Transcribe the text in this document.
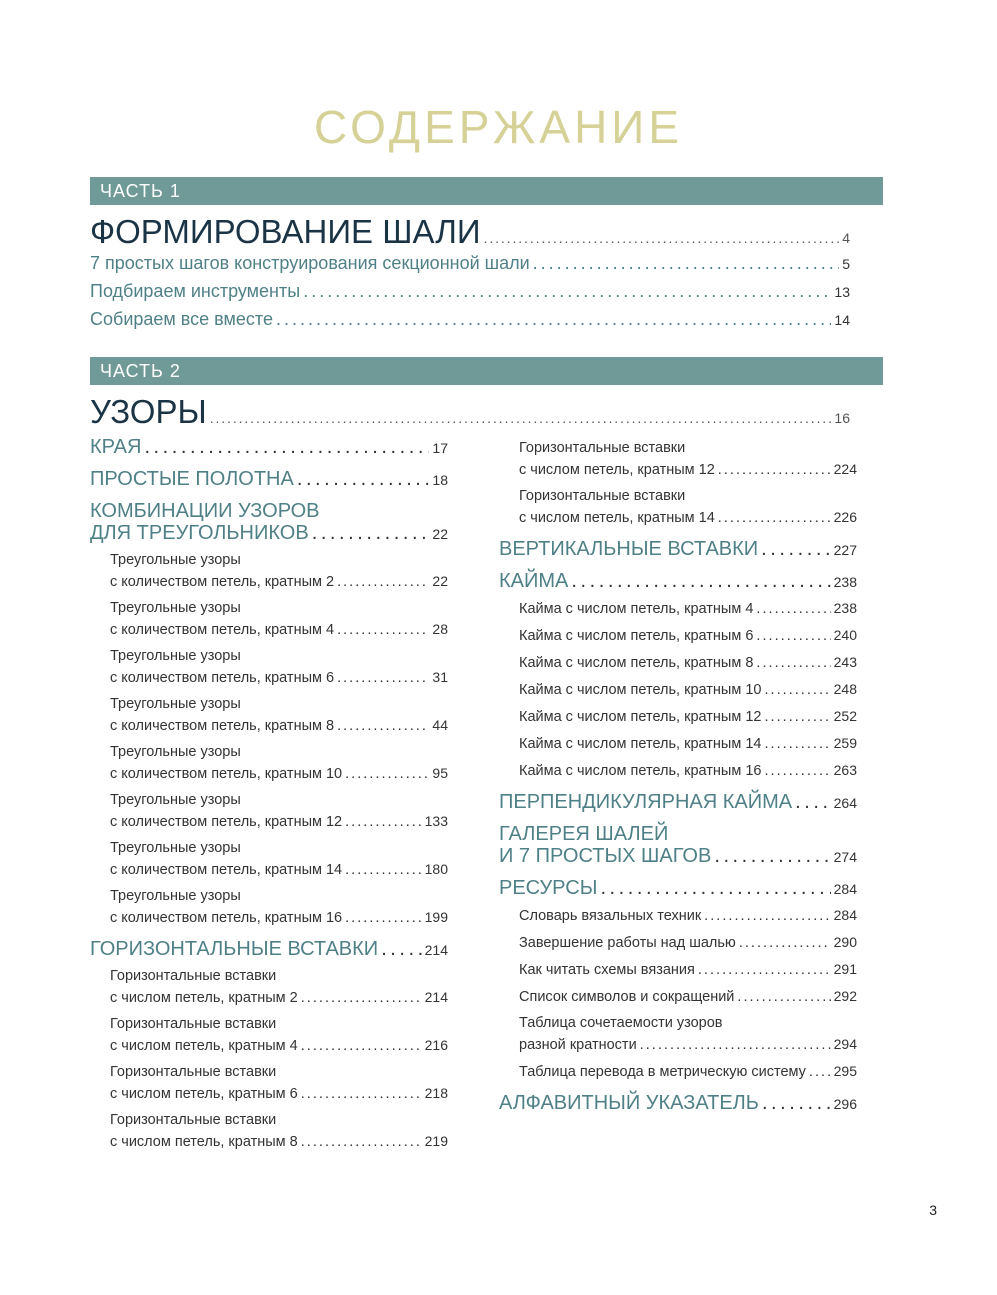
СОДЕРЖАНИЕ
ЧАСТЬ 1
ФОРМИРОВАНИЕ ШАЛИ . . .	4
7 простых шагов конструирования секционной шали . . .	5
Подбираем инструменты . . .	13
Собираем все вместе . . .	14
ЧАСТЬ 2
УЗОРЫ . . .	16
КРАЯ . . .	17
ПРОСТЫЕ ПОЛОТНА . . .	18
КОМБИНАЦИИ УЗОРОВ
ДЛЯ ТРЕУГОЛЬНИКОВ . . .	22
Треугольные узоры
с количеством петель, кратным 2 . . .	22
Треугольные узоры
с количеством петель, кратным 4 . . .	28
Треугольные узоры
с количеством петель, кратным 6 . . .	31
Треугольные узоры
с количеством петель, кратным 8 . . .	44
Треугольные узоры
с количеством петель, кратным 10 . . .	95
Треугольные узоры
с количеством петель, кратным 12 . . .	133
Треугольные узоры
с количеством петель, кратным 14 . . .	180
Треугольные узоры
с количеством петель, кратным 16 . . .	199
ГОРИЗОНТАЛЬНЫЕ ВСТАВКИ . . .	214
Горизонтальные вставки
с числом петель, кратным 2 . . .	214
Горизонтальные вставки
с числом петель, кратным 4 . . .	216
Горизонтальные вставки
с числом петель, кратным 6 . . .	218
Горизонтальные вставки
с числом петель, кратным 8 . . .	219
Горизонтальные вставки
с числом петель, кратным 12 . . .	224
Горизонтальные вставки
с числом петель, кратным 14 . . .	226
ВЕРТИКАЛЬНЫЕ ВСТАВКИ . . .	227
КАЙМА . . .	238
Кайма с числом петель, кратным 4 . . .	238
Кайма с числом петель, кратным 6 . . .	240
Кайма с числом петель, кратным 8 . . .	243
Кайма с числом петель, кратным 10 . . .	248
Кайма с числом петель, кратным 12 . . .	252
Кайма с числом петель, кратным 14 . . .	259
Кайма с числом петель, кратным 16 . . .	263
ПЕРПЕНДИКУЛЯРНАЯ КАЙМА . . .	264
ГАЛЕРЕЯ ШАЛЕЙ
И 7 ПРОСТЫХ ШАГОВ . . .	274
РЕСУРСЫ . . .	284
Словарь вязальных техник . . .	284
Завершение работы над шалью . . .	290
Как читать схемы вязания . . .	291
Список символов и сокращений . . .	292
Таблица сочетаемости узоров
разной кратности . . .	294
Таблица перевода в метрическую систему . . . 295
АЛФАВИТНЫЙ УКАЗАТЕЛЬ . . .	296
3
